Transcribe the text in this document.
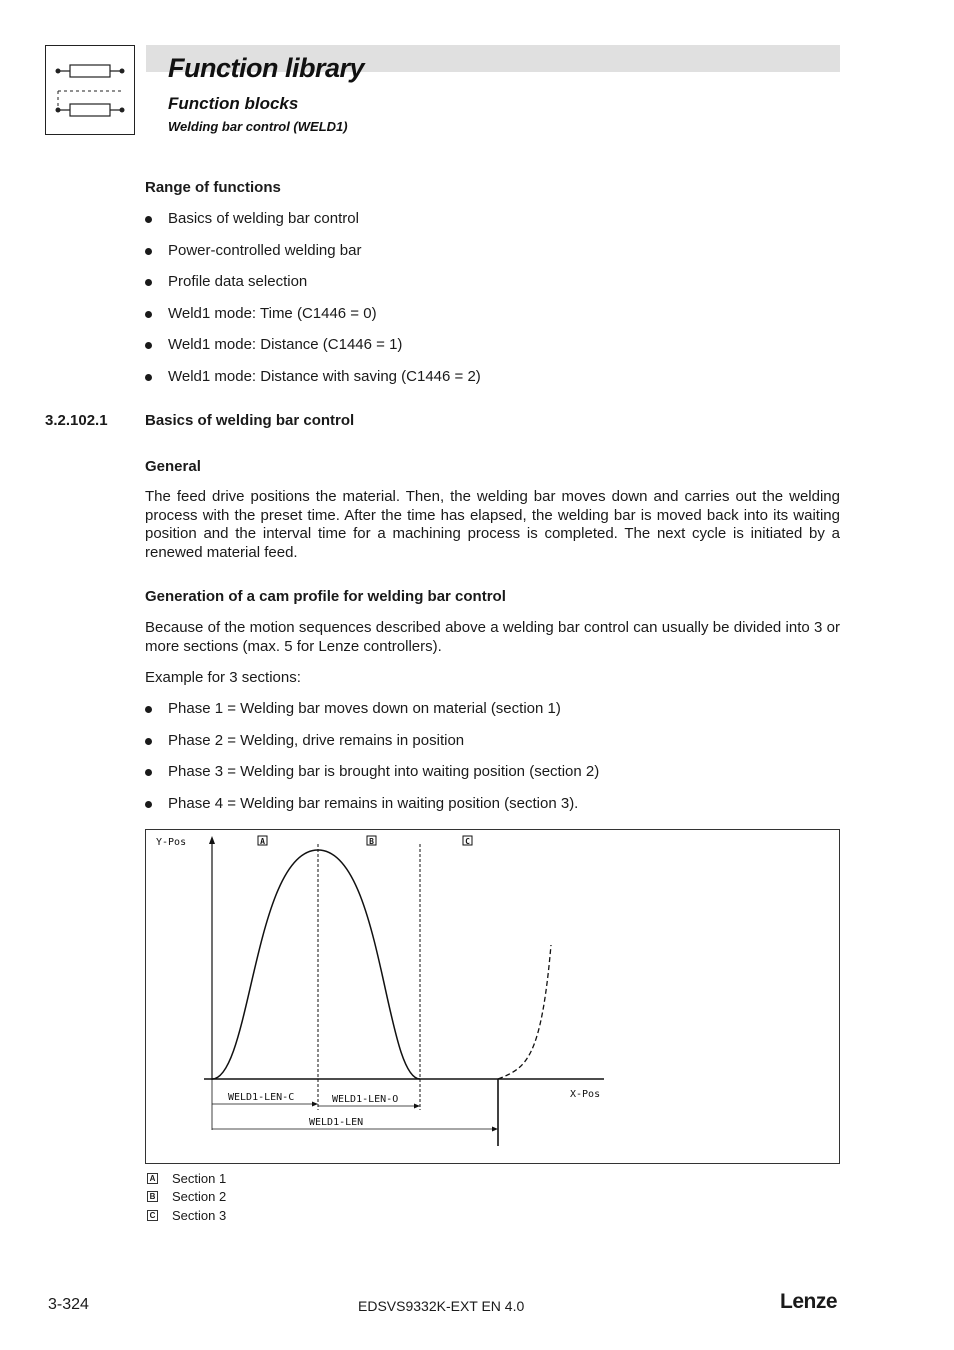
Function library
Function blocks
Welding bar control (WELD1)
Range of functions
Basics of welding bar control
Power-controlled welding bar
Profile data selection
Weld1 mode: Time (C1446 = 0)
Weld1 mode: Distance (C1446 = 1)
Weld1 mode: Distance with saving (C1446 = 2)
3.2.102.1 Basics of welding bar control
General
The feed drive positions the material. Then, the welding bar moves down and carries out the welding process with the preset time. After the time has elapsed, the welding bar is moved back into its waiting position and the interval time for a machining process is completed. The next cycle is initiated by a renewed material feed.
Generation of a cam profile for welding bar control
Because of the motion sequences described above a welding bar control can usually be divided into 3 or more sections (max. 5 for Lenze controllers).
Example for 3 sections:
Phase 1 = Welding bar moves down on material (section 1)
Phase 2 = Welding, drive remains in position
Phase 3 = Welding bar is brought into waiting position (section 2)
Phase 4 = Welding bar remains in waiting position (section 3).
Y-Pos
X-Pos
A	B	C
WELD1-LEN-C	WELD1-LEN-O
WELD1-LEN
A Section 1
B Section 2
C Section 3
3-324	EDSVS9332K-EXT EN 4.0	Lenze
